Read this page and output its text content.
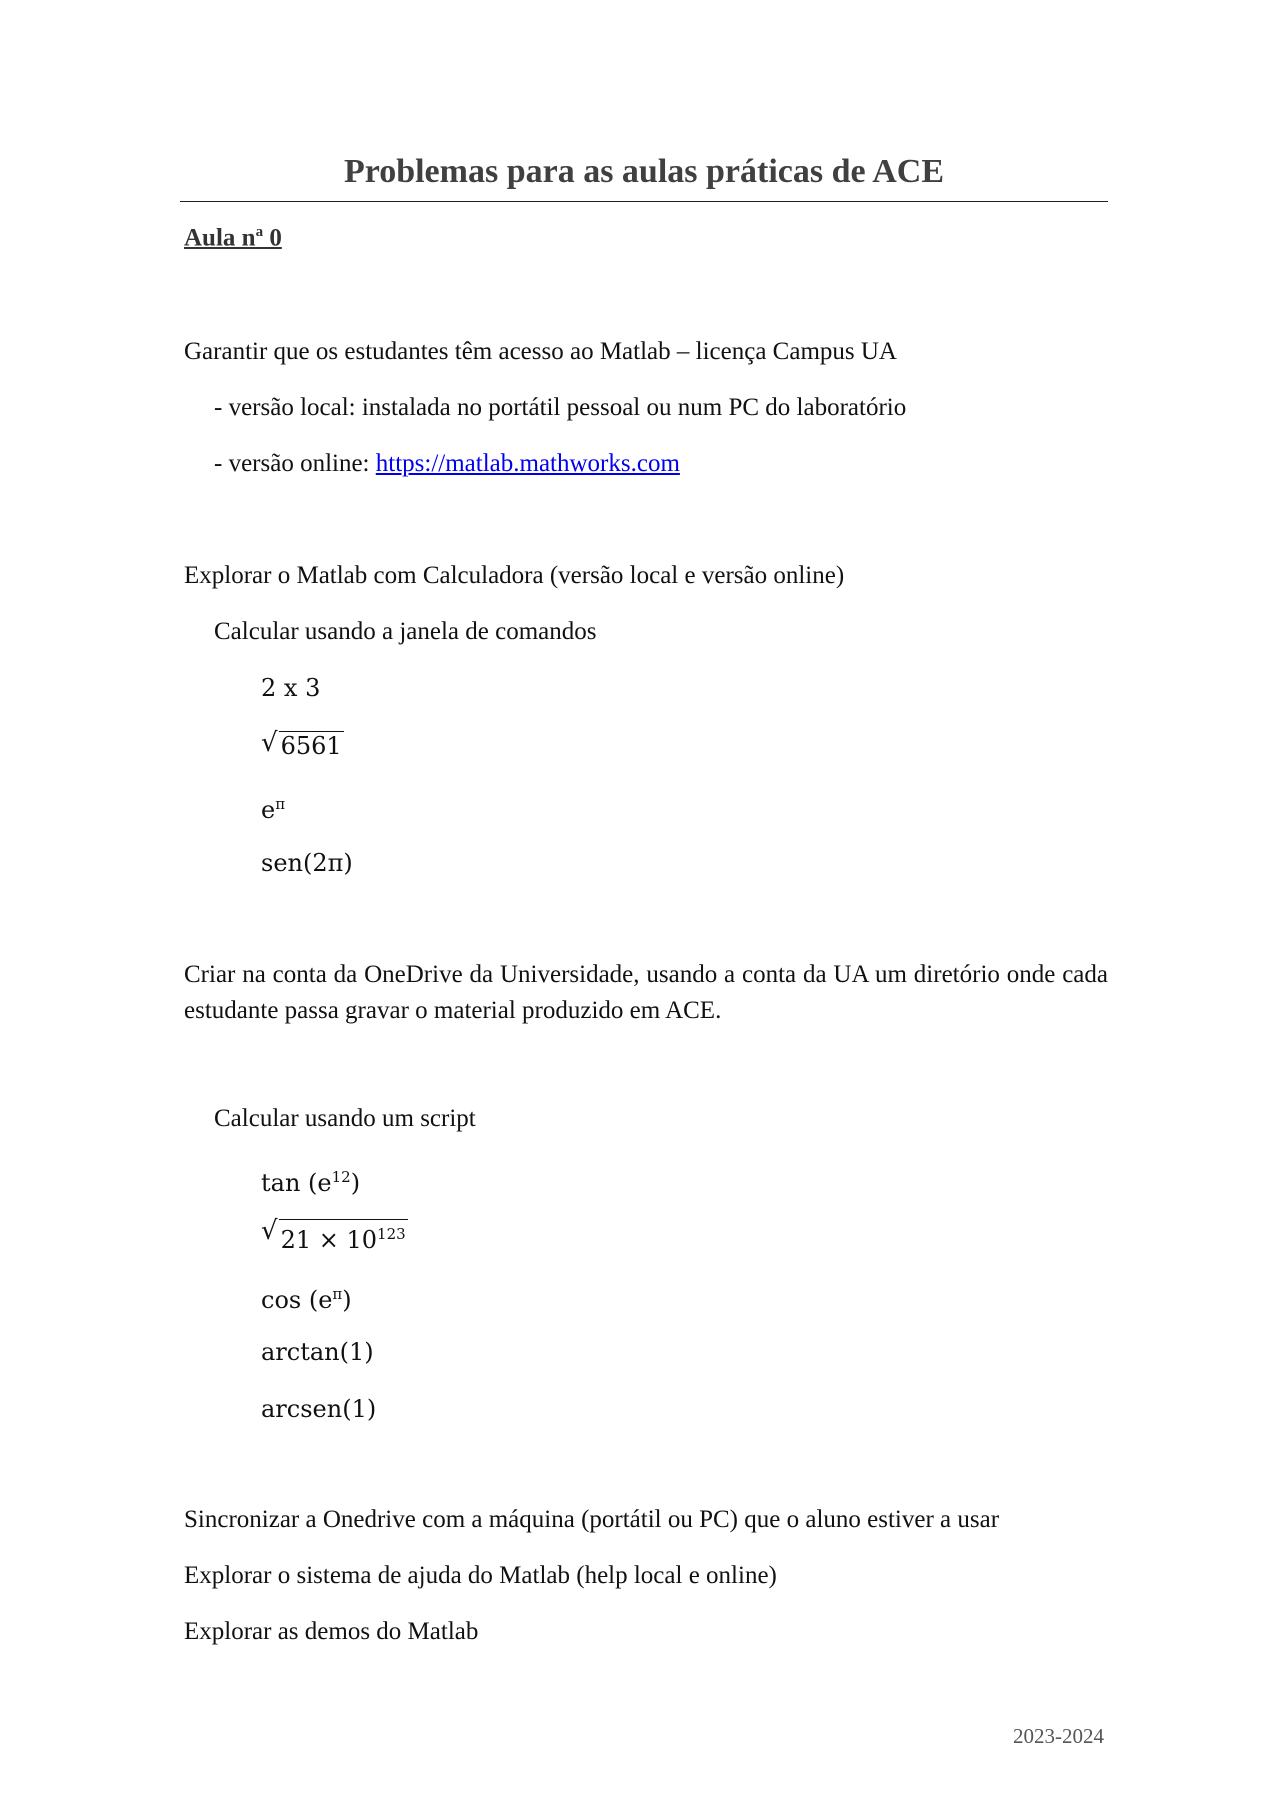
Problemas para as aulas práticas de ACE
Aula $n^a$ 0
Garantir que os estudantes têm acesso ao Matlab – licença Campus UA
- versão local: instalada no portátil pessoal ou num PC do laboratório
- versão online: https://matlab.mathworks.com
Explorar o Matlab com Calculadora (versão local e versão online)
Calcular usando a janela de comandos
2 x 3
√ 6561
$e^\pi$
sen(2π)
Criar na conta da OneDrive da Universidade, usando a conta da UA um diretório onde cada estudante passa gravar o material produzido em ACE.
Calcular usando um script
$\tan (e^{12})$
√ $21 \times 10^{123}$
$\cos (e^\pi)$
arctan(1)
arcsen(1)
Sincronizar a Onedrive com a máquina (portátil ou PC) que o aluno estiver a usar
Explorar o sistema de ajuda do Matlab (help local e online)
Explorar as demos do Matlab
2023-2024
